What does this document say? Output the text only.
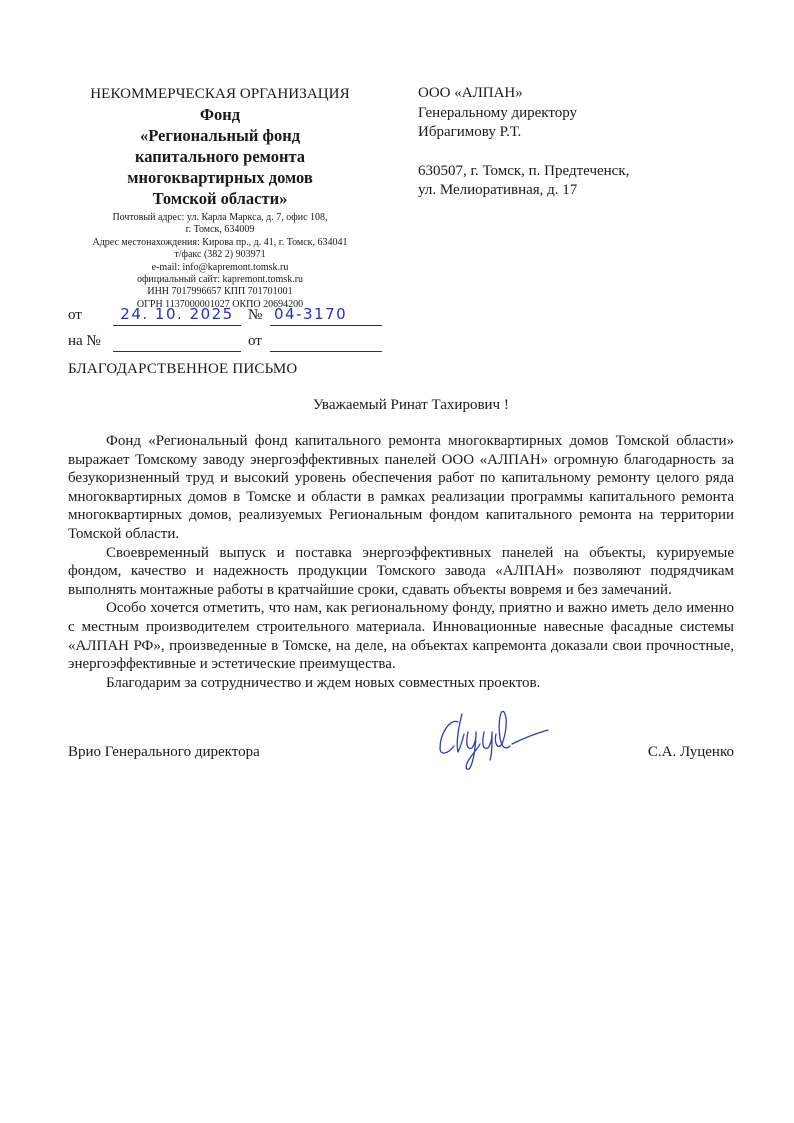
НЕКОММЕРЧЕСКАЯ ОРГАНИЗАЦИЯ
Фонд
«Региональный фонд
капитального ремонта
многоквартирных домов
Томской области»
Почтовый адрес: ул. Карла Маркса, д. 7, офис 108,
г. Томск, 634009
Адрес местонахождения: Кирова пр., д. 41, г. Томск, 634041
т/факс (382 2) 903971
e-mail: info@kapremont.tomsk.ru
официальный сайт: kapremont.tomsk.ru
ИНН 7017996657 КПП 701701001
ОГРН 1137000001027 ОКПО 20694200
от	24. 10. 2025 № 04-3170
на №	от
ООО «АЛПАН»
Генеральному директору
Ибрагимову Р.Т.
630507, г. Томск, п. Предтеченск,
ул. Мелиоративная, д. 17
БЛАГОДАРСТВЕННОЕ ПИСЬМО
Уважаемый Ринат Тахирович !

Фонд «Региональный фонд капитального ремонта многоквартирных домов Томской области» выражает Томскому заводу энергоэффективных панелей ООО «АЛПАН» огромную благодарность за безукоризненный труд и высокий уровень обеспечения работ по капитальному ремонту целого ряда многоквартирных домов в Томске и области в рамках реализации программы капитального ремонта многоквартирных домов, реализуемых Региональным фондом капитального ремонта на территории Томской области.

Своевременный выпуск и поставка энергоэффективных панелей на объекты, курируемые фондом, качество и надежность продукции Томского завода «АЛПАН» позволяют подрядчикам выполнять монтажные работы в кратчайшие сроки, сдавать объекты вовремя и без замечаний.

Особо хочется отметить, что нам, как региональному фонду, приятно и важно иметь дело именно с местным производителем строительного материала. Инновационные навесные фасадные системы «АЛПАН РФ», произведенные в Томске, на деле, на объектах капремонта доказали свои прочностные, энергоэффективные и эстетические преимущества.

Благодарим за сотрудничество и ждем новых совместных проектов.

Врио Генерального директора	С.А. Луценко
